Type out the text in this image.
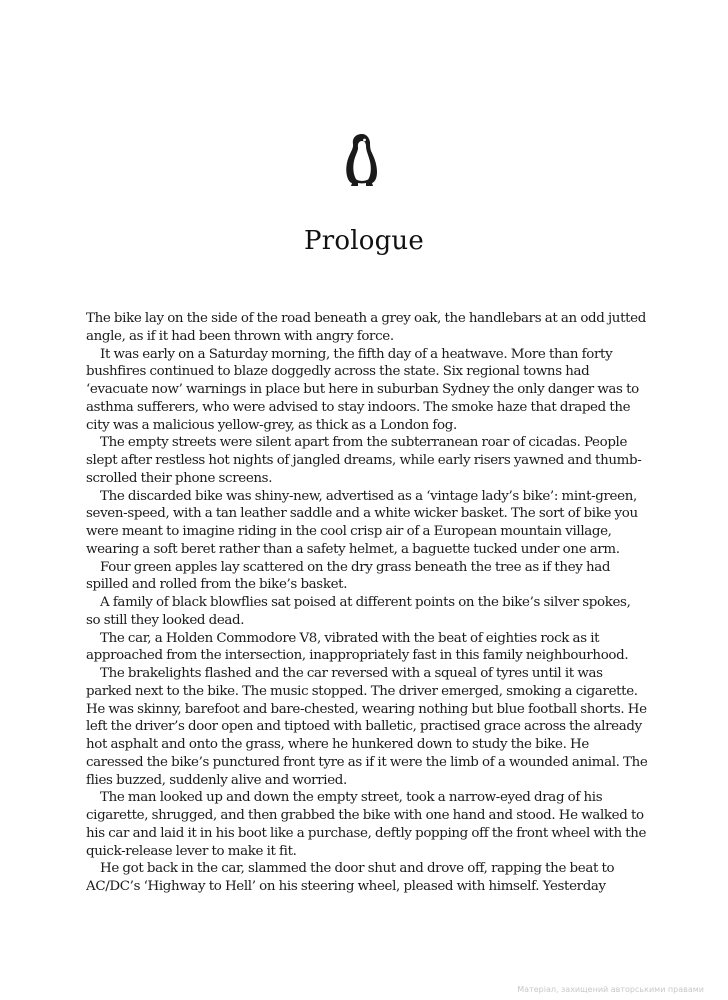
Prologue

The bike lay on the side of the road beneath a grey oak, the handlebars at an odd jutted angle, as if it had been thrown with angry force.

It was early on a Saturday morning, the fifth day of a heatwave. More than forty bushfires continued to blaze doggedly across the state. Six regional towns had ‘evacuate now’ warnings in place but here in suburban Sydney the only danger was to asthma sufferers, who were advised to stay indoors. The smoke haze that draped the city was a malicious yellow-grey, as thick as a London fog.

The empty streets were silent apart from the subterranean roar of cicadas. People slept after restless hot nights of jangled dreams, while early risers yawned and thumb-scrolled their phone screens.

The discarded bike was shiny-new, advertised as a ‘vintage lady’s bike’: mint-green, seven-speed, with a tan leather saddle and a white wicker basket. The sort of bike you were meant to imagine riding in the cool crisp air of a European mountain village, wearing a soft beret rather than a safety helmet, a baguette tucked under one arm.

Four green apples lay scattered on the dry grass beneath the tree as if they had spilled and rolled from the bike’s basket.

A family of black blowflies sat poised at different points on the bike’s silver spokes, so still they looked dead.

The car, a Holden Commodore V8, vibrated with the beat of eighties rock as it approached from the intersection, inappropriately fast in this family neighbourhood.

The brakelights flashed and the car reversed with a squeal of tyres until it was parked next to the bike. The music stopped. The driver emerged, smoking a cigarette. He was skinny, barefoot and bare-chested, wearing nothing but blue football shorts. He left the driver’s door open and tiptoed with balletic, practised grace across the already hot asphalt and onto the grass, where he hunkered down to study the bike. He caressed the bike’s punctured front tyre as if it were the limb of a wounded animal. The flies buzzed, suddenly alive and worried.

The man looked up and down the empty street, took a narrow-eyed drag of his cigarette, shrugged, and then grabbed the bike with one hand and stood. He walked to his car and laid it in his boot like a purchase, deftly popping off the front wheel with the quick-release lever to make it fit.

He got back in the car, slammed the door shut and drove off, rapping the beat to AC/DC’s ‘Highway to Hell’ on his steering wheel, pleased with himself. Yesterday

Матеріал, захищений авторськими правами
